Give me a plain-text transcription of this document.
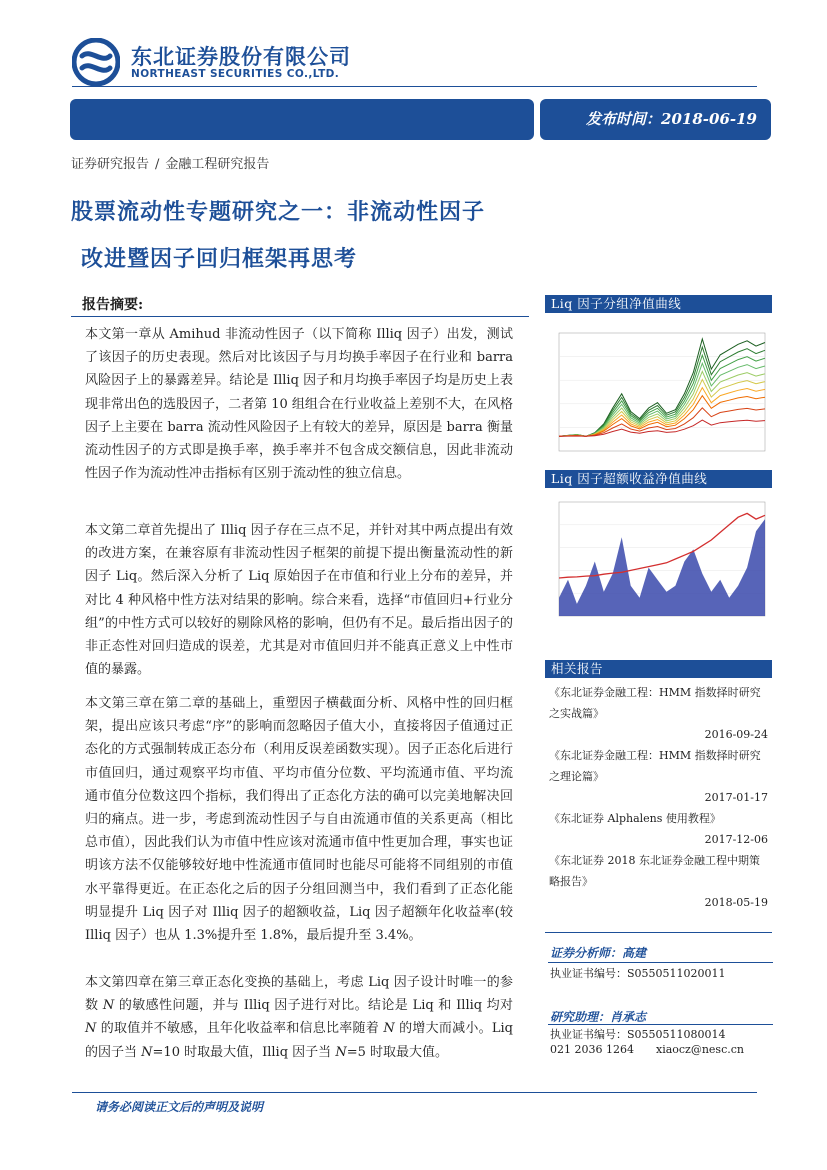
东北证券股份有限公司
NORTHEAST SECURITIES CO.,LTD.
发布时间：2018-06-19
证券研究报告 / 金融工程研究报告
股票流动性专题研究之一：非流动性因子
改进暨因子回归框架再思考
报告摘要:
本文第一章从 Amihud 非流动性因子（以下简称 Illiq 因子）出发，测试了该因子的历史表现。然后对比该因子与月均换手率因子在行业和 barra 风险因子上的暴露差异。结论是 Illiq 因子和月均换手率因子均是历史上表现非常出色的选股因子，二者第 10 组组合在行业收益上差别不大，在风格因子上主要在 barra 流动性风险因子上有较大的差异，原因是 barra 衡量流动性因子的方式即是换手率，换手率并不包含成交额信息，因此非流动性因子作为流动性冲击指标有区别于流动性的独立信息。
本文第二章首先提出了 Illiq 因子存在三点不足，并针对其中两点提出有效的改进方案，在兼容原有非流动性因子框架的前提下提出衡量流动性的新因子 Liq。然后深入分析了 Liq 原始因子在市值和行业上分布的差异，并对比 4 种风格中性方法对结果的影响。综合来看，选择“市值回归+行业分组”的中性方式可以较好的剔除风格的影响，但仍有不足。最后指出因子的非正态性对回归造成的误差，尤其是对市值回归并不能真正意义上中性市值的暴露。
本文第三章在第二章的基础上，重塑因子横截面分析、风格中性的回归框架，提出应该只考虑“序”的影响而忽略因子值大小，直接将因子值通过正态化的方式强制转成正态分布（利用反误差函数实现）。因子正态化后进行市值回归，通过观察平均市值、平均市值分位数、平均流通市值、平均流通市值分位数这四个指标，我们得出了正态化方法的确可以完美地解决回归的痛点。进一步，考虑到流动性因子与自由流通市值的关系更高（相比总市值），因此我们认为市值中性应该对流通市值中性更加合理，事实也证明该方法不仅能够较好地中性流通市值同时也能尽可能将不同组别的市值水平靠得更近。在正态化之后的因子分组回测当中，我们看到了正态化能明显提升 Liq 因子对 Illiq 因子的超额收益，Liq 因子超额年化收益率(较 Illiq 因子）也从 1.3%提升至 1.8%，最后提升至 3.4%。
本文第四章在第三章正态化变换的基础上，考虑 Liq 因子设计时唯一的参数 N 的敏感性问题，并与 Illiq 因子进行对比。结论是 Liq 和 Illiq 均对 N 的取值并不敏感，且年化收益率和信息比率随着 N 的增大而减小。Liq 的因子当 N=10 时取最大值，Illiq 因子当 N=5 时取最大值。
Liq 因子分组净值曲线
Liq 因子超额收益净值曲线
相关报告
《东北证券金融工程：HMM 指数择时研究之实战篇》
2016-09-24
《东北证券金融工程：HMM 指数择时研究之理论篇》
2017-01-17
《东北证券 Alphalens 使用教程》
2017-12-06
《东北证券 2018 东北证券金融工程中期策略报告》
2018-05-19
证券分析师：高建
执业证书编号：S0550511020011
研究助理：肖承志
执业证书编号：S0550511080014
021 2036 1264 xiaocz@nesc.cn
请务必阅读正文后的声明及说明
